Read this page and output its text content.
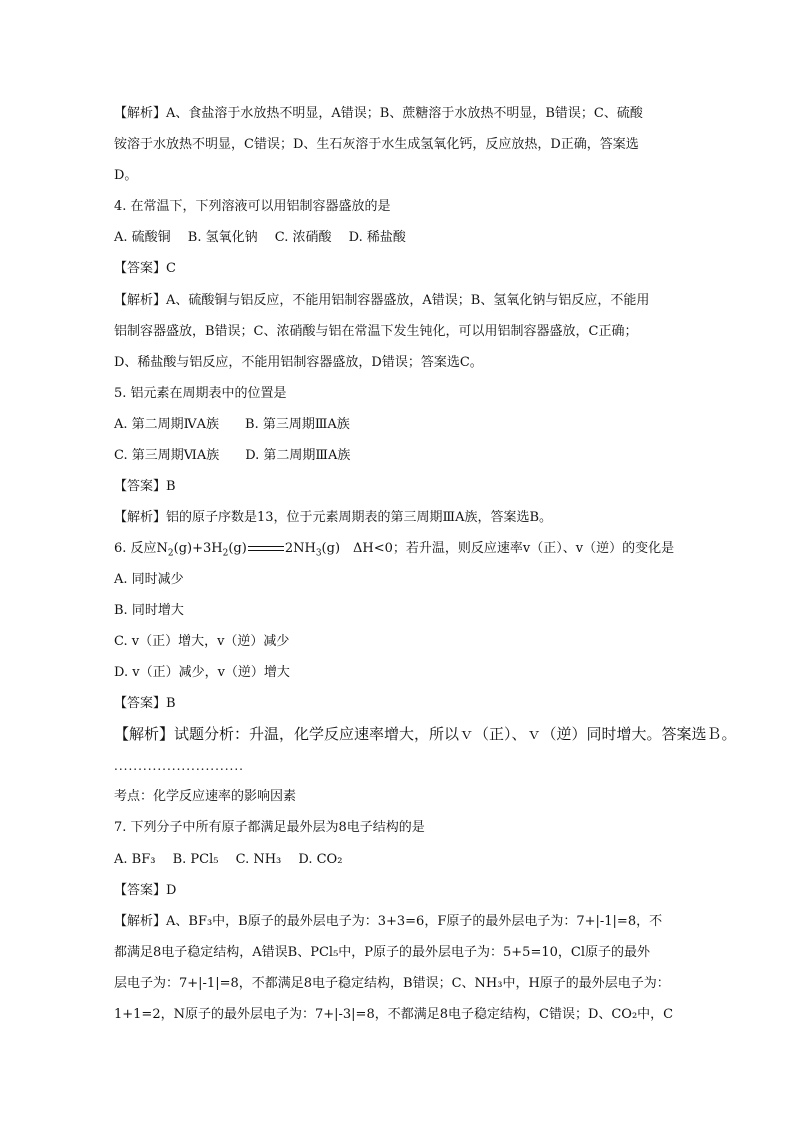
【解析】A、食盐溶于水放热不明显，A错误；B、蔗糖溶于水放热不明显，B错误；C、硫酸
铵溶于水放热不明显，C错误；D、生石灰溶于水生成氢氧化钙，反应放热，D正确，答案选
D。
4. 在常温下，下列溶液可以用铝制容器盛放的是
A. 硫酸铜　 B. 氢氧化钠　 C. 浓硝酸　 D. 稀盐酸
【答案】C
【解析】A、硫酸铜与铝反应，不能用铝制容器盛放，A错误；B、氢氧化钠与铝反应，不能用
铝制容器盛放，B错误；C、浓硝酸与铝在常温下发生钝化，可以用铝制容器盛放，C正确；
D、稀盐酸与铝反应，不能用铝制容器盛放，D错误；答案选C。
5. 铝元素在周期表中的位置是
A. 第二周期ⅣA族　　B. 第三周期ⅢA族
C. 第三周期ⅥA族　　D. 第二周期ⅢA族
【答案】B
【解析】铝的原子序数是13，位于元素周期表的第三周期ⅢA族，答案选B。
6. 反应$N_2(g)+3H_2(g)$	$2NH_3(g)$　ΔH<0；若升温，则反应速率v（正）、v（逆）的变化是
A. 同时减少
B. 同时增大
C. v（正）增大，v（逆）减少
D. v（正）减少，v（逆）增大
【答案】B
【解析】试题分析：升温，化学反应速率增大，所以ｖ（正）、ｖ（逆）同时增大。答案选Ｂ。
...........................
考点：化学反应速率的影响因素
7. 下列分子中所有原子都满足最外层为8电子结构的是
A. BF₃　 B. PCl₅　 C. NH₃　 D. CO₂
【答案】D
【解析】A、BF₃中，B原子的最外层电子为：3+3=6，F原子的最外层电子为：7+|-1|=8，不
都满足8电子稳定结构，A错误B、PCl₅中，P原子的最外层电子为：5+5=10，Cl原子的最外
层电子为：7+|-1|=8，不都满足8电子稳定结构，B错误；C、NH₃中，H原子的最外层电子为：
1+1=2，N原子的最外层电子为：7+|-3|=8，不都满足8电子稳定结构，C错误；D、CO₂中，C
